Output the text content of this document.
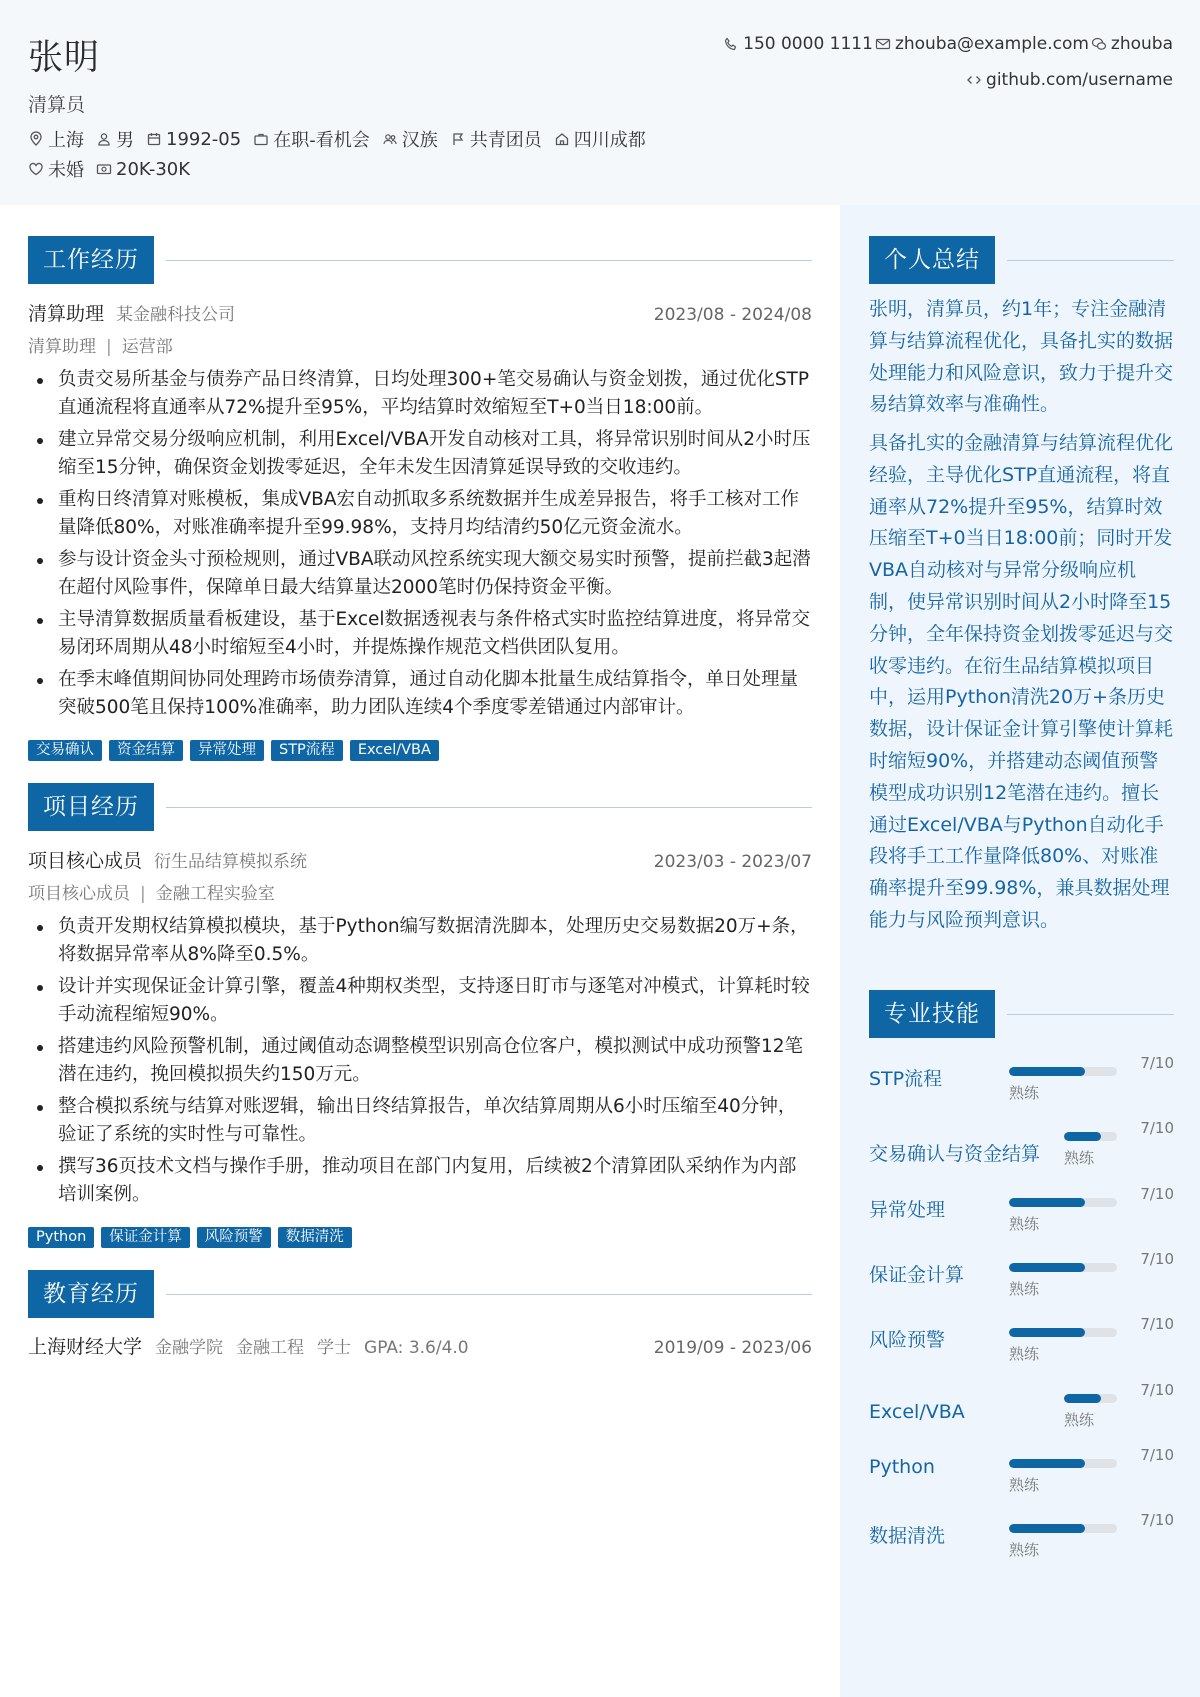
张明
清算员
上海 男 1992-05 在职-看机会 汉族 共青团员 四川成都
未婚 20K-30K
150 0000 1111 zhouba@example.com zhouba
github.com/username
工作经历
清算助理 某金融科技公司	2023/08 - 2024/08
清算助理 | 运营部
负责交易所基金与债券产品日终清算，日均处理300+笔交易确认与资金划拨，通过优化STP直通流程将直通率从72%提升至95%，平均结算时效缩短至T+0当日18:00前。
建立异常交易分级响应机制，利用Excel/VBA开发自动核对工具，将异常识别时间从2小时压缩至15分钟，确保资金划拨零延迟，全年未发生因清算延误导致的交收违约。
重构日终清算对账模板，集成VBA宏自动抓取多系统数据并生成差异报告，将手工核对工作量降低80%，对账准确率提升至99.98%，支持月均结清约50亿元资金流水。
参与设计资金头寸预检规则，通过VBA联动风控系统实现大额交易实时预警，提前拦截3起潜在超付风险事件，保障单日最大结算量达2000笔时仍保持资金平衡。
主导清算数据质量看板建设，基于Excel数据透视表与条件格式实时监控结算进度，将异常交易闭环周期从48小时缩短至4小时，并提炼操作规范文档供团队复用。
在季末峰值期间协同处理跨市场债券清算，通过自动化脚本批量生成结算指令，单日处理量突破500笔且保持100%准确率，助力团队连续4个季度零差错通过内部审计。
交易确认	资金结算	异常处理	STP流程	Excel/VBA
项目经历
项目核心成员 衍生品结算模拟系统	2023/03 - 2023/07
项目核心成员 | 金融工程实验室
负责开发期权结算模拟模块，基于Python编写数据清洗脚本，处理历史交易数据20万+条，将数据异常率从8%降至0.5%。
设计并实现保证金计算引擎，覆盖4种期权类型，支持逐日盯市与逐笔对冲模式，计算耗时较手动流程缩短90%。
搭建违约风险预警机制，通过阈值动态调整模型识别高仓位客户，模拟测试中成功预警12笔潜在违约，挽回模拟损失约150万元。
整合模拟系统与结算对账逻辑，输出日终结算报告，单次结算周期从6小时压缩至40分钟，验证了系统的实时性与可靠性。
撰写36页技术文档与操作手册，推动项目在部门内复用，后续被2个清算团队采纳作为内部培训案例。
Python	保证金计算	风险预警	数据清洗
教育经历
上海财经大学 金融学院 金融工程 学士 GPA: 3.6/4.0	2019/09 - 2023/06
个人总结
张明，清算员，约1年；专注金融清算与结算流程优化，具备扎实的数据处理能力和风险意识，致力于提升交易结算效率与准确性。
具备扎实的金融清算与结算流程优化经验，主导优化STP直通流程，将直通率从72%提升至95%，结算时效压缩至T+0当日18:00前；同时开发VBA自动核对与异常分级响应机制，使异常识别时间从2小时降至15分钟，全年保持资金划拨零延迟与交收零违约。在衍生品结算模拟项目中，运用Python清洗20万+条历史数据，设计保证金计算引擎使计算耗时缩短90%，并搭建动态阈值预警模型成功识别12笔潜在违约。擅长通过Excel/VBA与Python自动化手段将手工工作量降低80%、对账准确率提升至99.98%，兼具数据处理能力与风险预判意识。
专业技能
STP流程
7/10
熟练
交易确认与资金结算
7/10
熟练
异常处理
7/10
熟练
保证金计算
7/10
熟练
风险预警
7/10
熟练
Excel/VBA
7/10
熟练
Python
7/10
熟练
数据清洗
7/10
熟练
